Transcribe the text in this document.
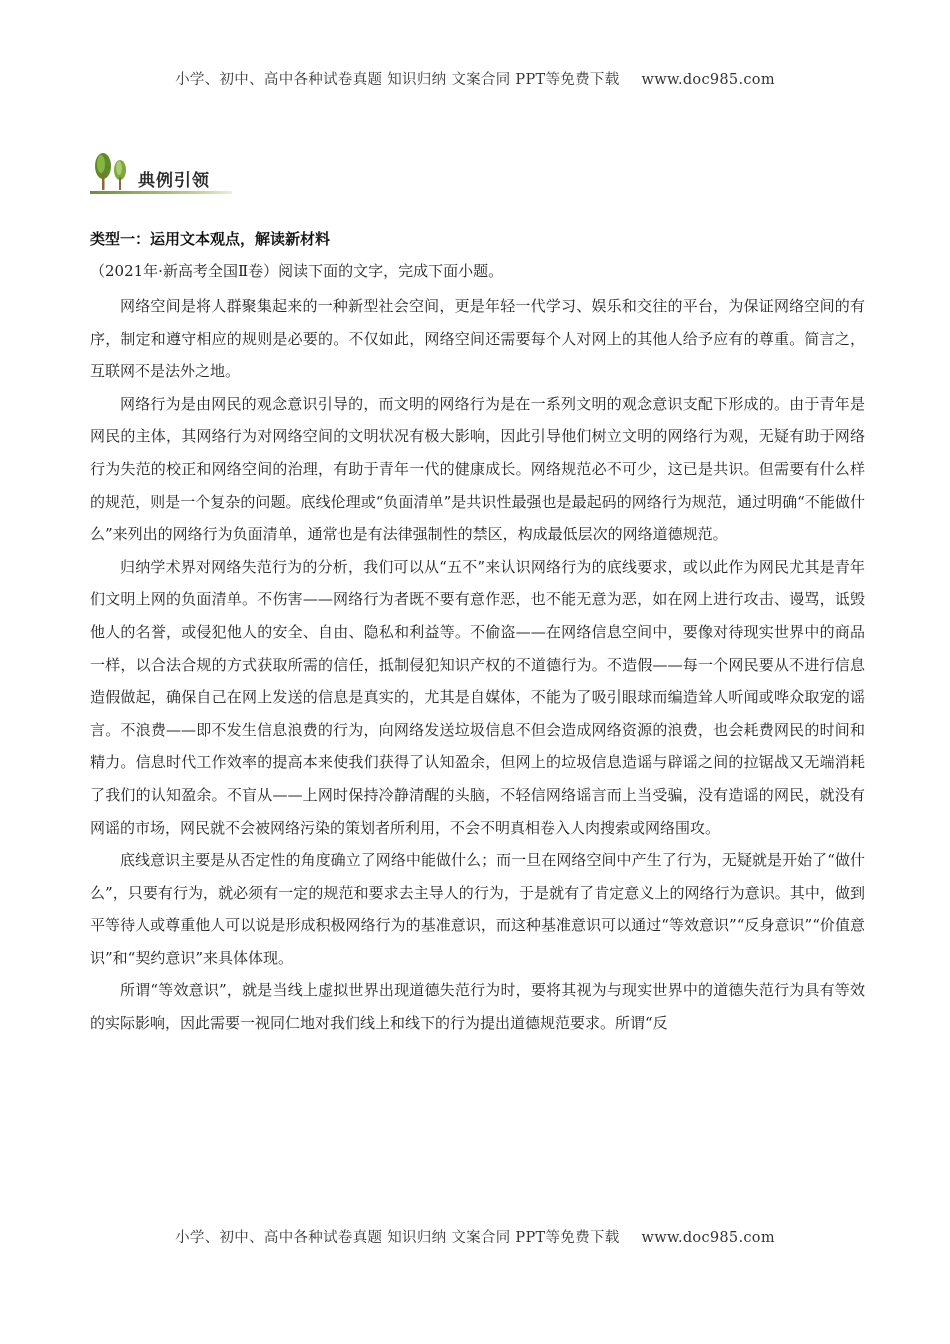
小学、初中、高中各种试卷真题 知识归纳 文案合同 PPT等免费下载 www.doc985.com
典例引领
类型一：运用文本观点，解读新材料
（2021年·新高考全国Ⅱ卷）阅读下面的文字，完成下面小题。

网络空间是将人群聚集起来的一种新型社会空间，更是年轻一代学习、娱乐和交往的平台，为保证网络空间的有序，制定和遵守相应的规则是必要的。不仅如此，网络空间还需要每个人对网上的其他人给予应有的尊重。简言之，互联网不是法外之地。

网络行为是由网民的观念意识引导的，而文明的网络行为是在一系列文明的观念意识支配下形成的。由于青年是网民的主体，其网络行为对网络空间的文明状况有极大影响，因此引导他们树立文明的网络行为观，无疑有助于网络行为失范的校正和网络空间的治理，有助于青年一代的健康成长。网络规范必不可少，这已是共识。但需要有什么样的规范，则是一个复杂的问题。底线伦理或“负面清单”是共识性最强也是最起码的网络行为规范，通过明确“不能做什么”来列出的网络行为负面清单，通常也是有法律强制性的禁区，构成最低层次的网络道德规范。

归纳学术界对网络失范行为的分析，我们可以从“五不”来认识网络行为的底线要求，或以此作为网民尤其是青年们文明上网的负面清单。不伤害——网络行为者既不要有意作恶，也不能无意为恶，如在网上进行攻击、谩骂，诋毁他人的名誉，或侵犯他人的安全、自由、隐私和利益等。不偷盗——在网络信息空间中，要像对待现实世界中的商品一样，以合法合规的方式获取所需的信任，抵制侵犯知识产权的不道德行为。不造假——每一个网民要从不进行信息造假做起，确保自己在网上发送的信息是真实的，尤其是自媒体，不能为了吸引眼球而编造耸人听闻或哗众取宠的谣言。不浪费——即不发生信息浪费的行为，向网络发送垃圾信息不但会造成网络资源的浪费，也会耗费网民的时间和精力。信息时代工作效率的提高本来使我们获得了认知盈余，但网上的垃圾信息造谣与辟谣之间的拉锯战又无端消耗了我们的认知盈余。不盲从——上网时保持冷静清醒的头脑，不轻信网络谣言而上当受骗，没有造谣的网民，就没有网谣的市场，网民就不会被网络污染的策划者所利用，不会不明真相卷入人肉搜索或网络围攻。

底线意识主要是从否定性的角度确立了网络中能做什么；而一旦在网络空间中产生了行为，无疑就是开始了“做什么”，只要有行为，就必须有一定的规范和要求去主导人的行为，于是就有了肯定意义上的网络行为意识。其中，做到平等待人或尊重他人可以说是形成积极网络行为的基准意识，而这种基准意识可以通过“等效意识”“反身意识”“价值意识”和“契约意识”来具体体现。

所谓“等效意识”，就是当线上虚拟世界出现道德失范行为时，要将其视为与现实世界中的道德失范行为具有等效的实际影响，因此需要一视同仁地对我们线上和线下的行为提出道德规范要求。所谓“反

小学、初中、高中各种试卷真题 知识归纳 文案合同 PPT等免费下载 www.doc985.com
